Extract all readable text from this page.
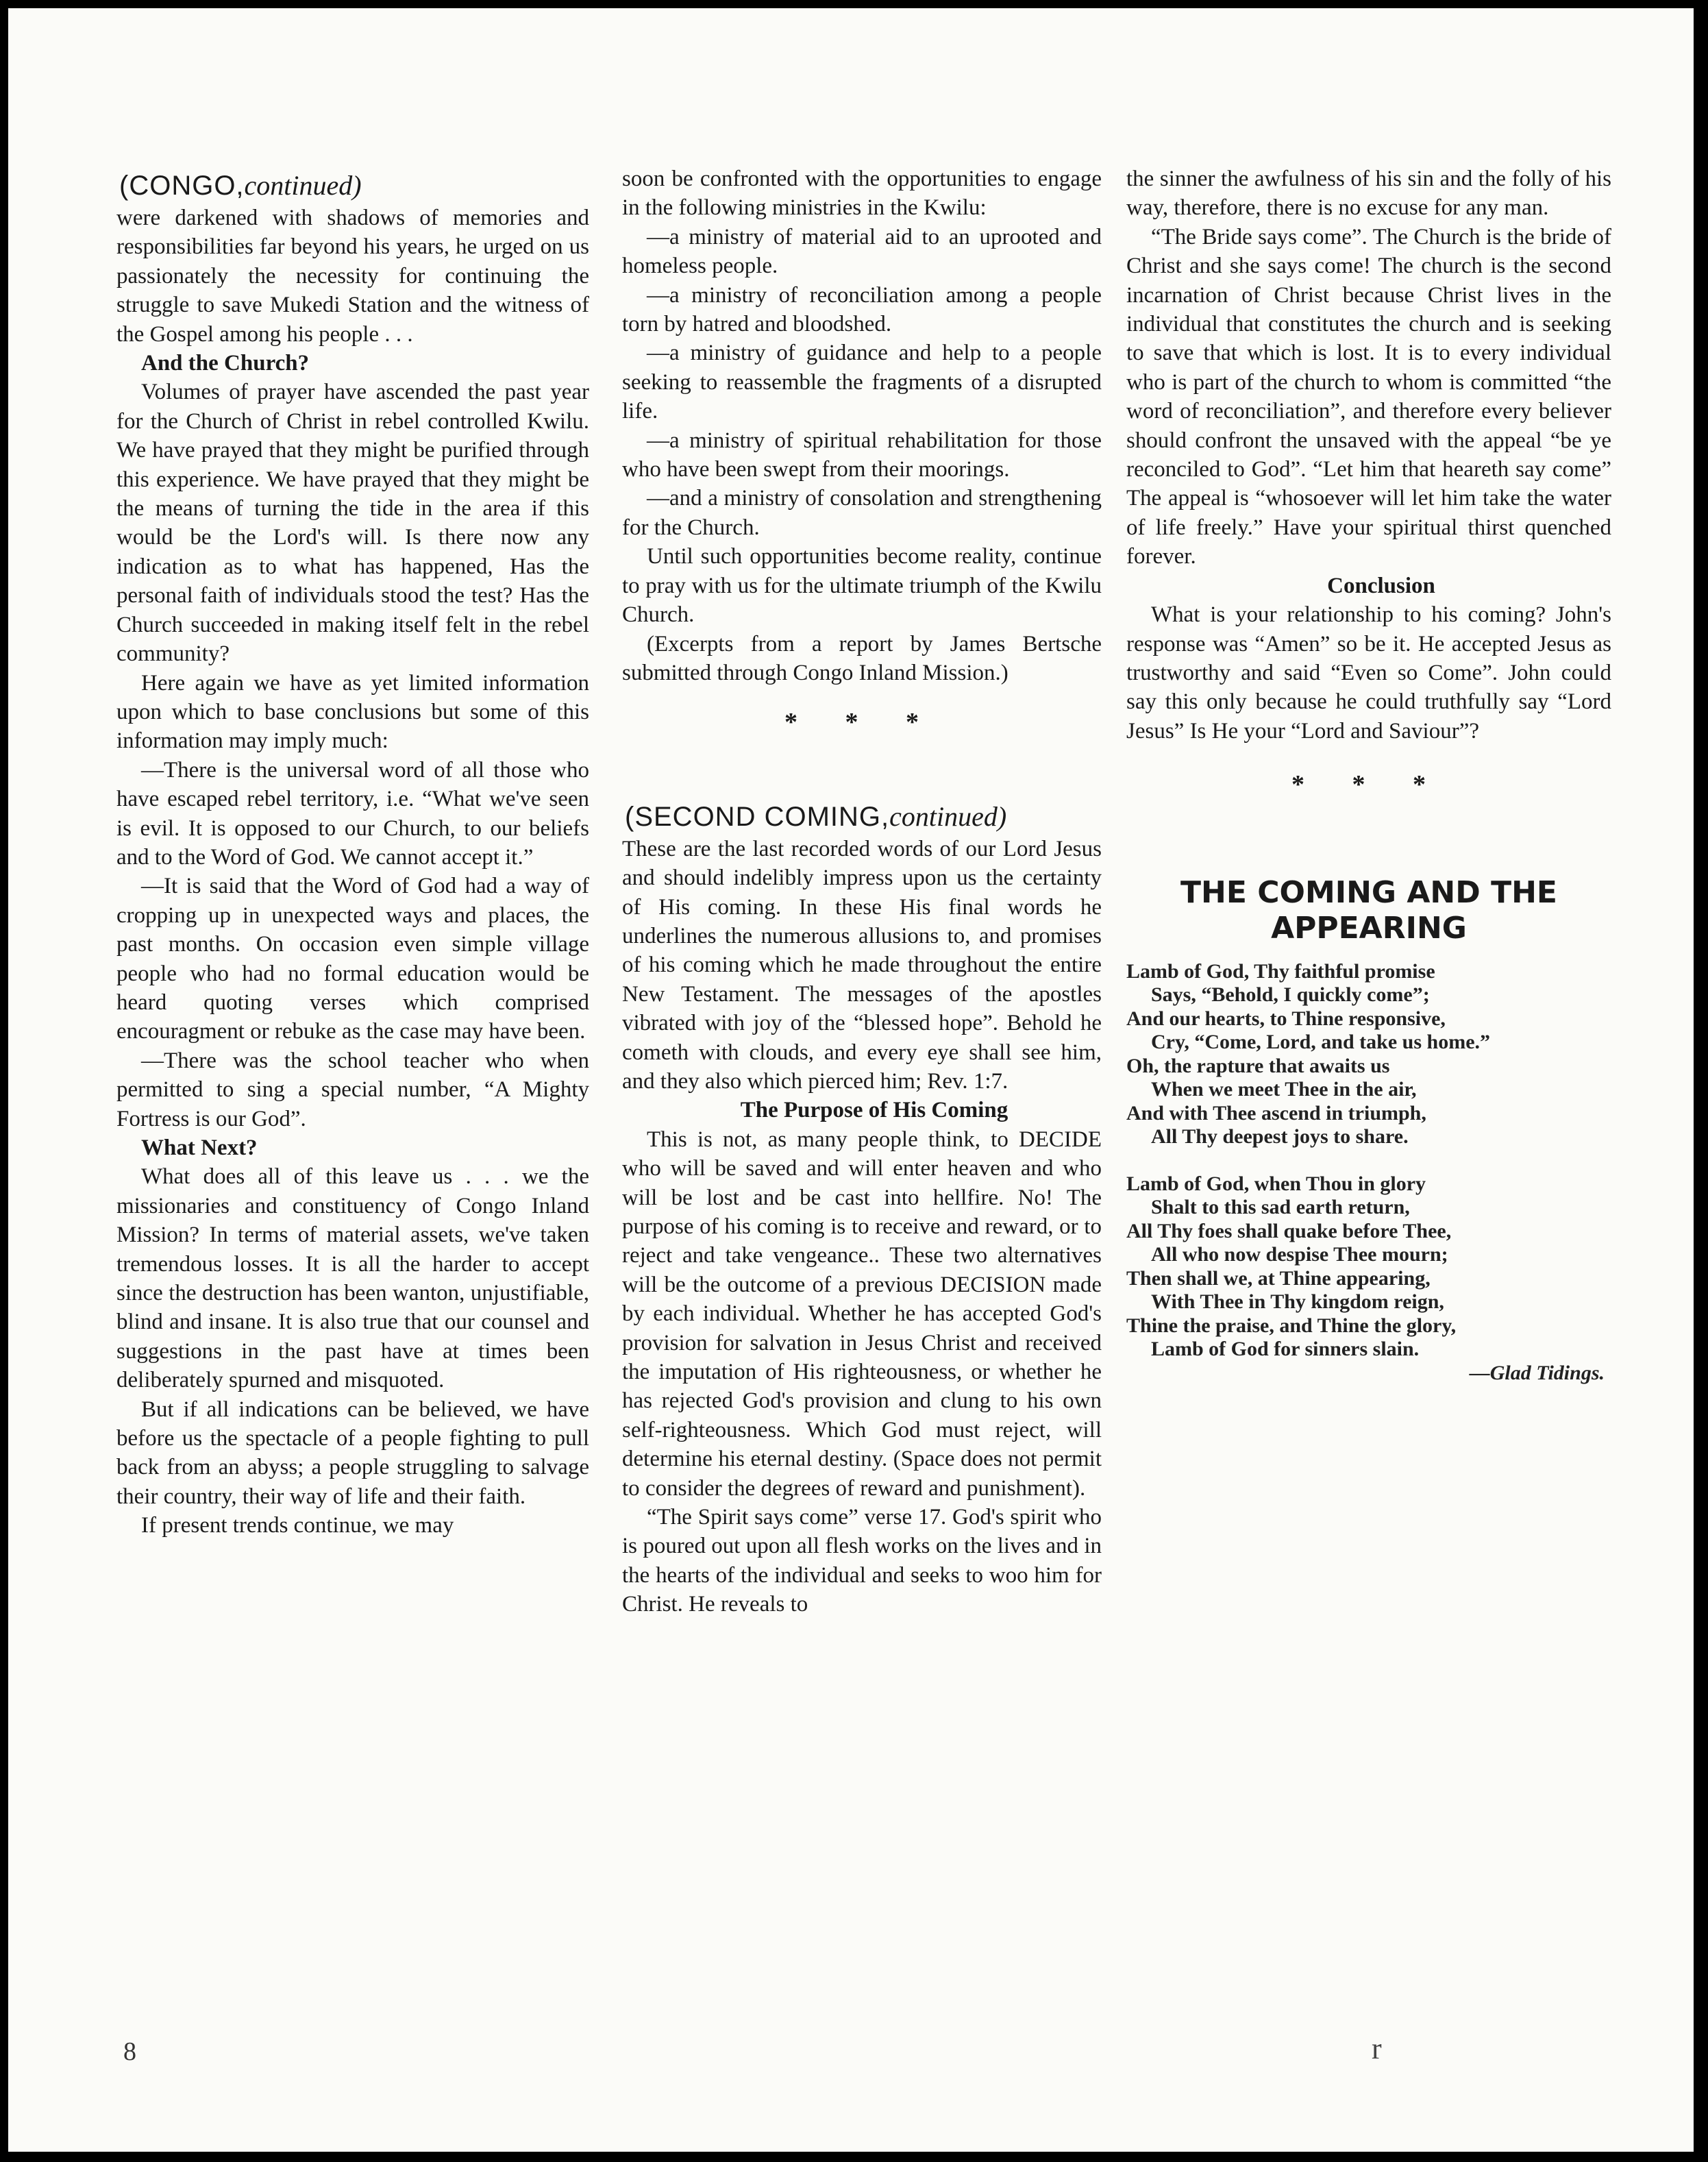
(CONGO,continued)

were darkened with shadows of memories and responsibilities far beyond his years, he urged on us passionately the necessity for continuing the struggle to save Mukedi Station and the witness of the Gospel among his people . . .

And the Church?

Volumes of prayer have ascended the past year for the Church of Christ in rebel controlled Kwilu. We have prayed that they might be purified through this experience. We have prayed that they might be the means of turning the tide in the area if this would be the Lord's will. Is there now any indication as to what has happened, Has the personal faith of individuals stood the test? Has the Church succeeded in making itself felt in the rebel community?

Here again we have as yet limited information upon which to base conclusions but some of this information may imply much:

—There is the universal word of all those who have escaped rebel territory, i.e. “What we've seen is evil. It is opposed to our Church, to our beliefs and to the Word of God. We cannot accept it.”

—It is said that the Word of God had a way of cropping up in unexpected ways and places, the past months. On occasion even simple village people who had no formal education would be heard quoting verses which comprised encouragment or rebuke as the case may have been.

—There was the school teacher who when permitted to sing a special number, “A Mighty Fortress is our God”.

What Next?

What does all of this leave us . . . we the missionaries and constituency of Congo Inland Mission? In terms of material assets, we've taken tremendous losses. It is all the harder to accept since the destruction has been wanton, unjustifiable, blind and insane. It is also true that our counsel and suggestions in the past have at times been deliberately spurned and misquoted.

But if all indications can be believed, we have before us the spectacle of a people fighting to pull back from an abyss; a people struggling to salvage their country, their way of life and their faith.

If present trends continue, we may

soon be confronted with the opportunities to engage in the following ministries in the Kwilu:

—a ministry of material aid to an uprooted and homeless people.

—a ministry of reconciliation among a people torn by hatred and bloodshed.

—a ministry of guidance and help to a people seeking to reassemble the fragments of a disrupted life.

—a ministry of spiritual rehabilitation for those who have been swept from their moorings.

—and a ministry of consolation and strengthening for the Church.

Until such opportunities become reality, continue to pray with us for the ultimate triumph of the Kwilu Church.

(Excerpts from a report by James Bertsche submitted through Congo Inland Mission.)

* * *
(SECOND COMING,continued)

These are the last recorded words of our Lord Jesus and should indelibly impress upon us the certainty of His coming. In these His final words he underlines the numerous allusions to, and promises of his coming which he made throughout the entire New Testament. The messages of the apostles vibrated with joy of the “blessed hope”. Behold he cometh with clouds, and every eye shall see him, and they also which pierced him; Rev. 1:7.

The Purpose of His Coming

This is not, as many people think, to DECIDE who will be saved and will enter heaven and who will be lost and be cast into hellfire. No! The purpose of his coming is to receive and reward, or to reject and take vengeance.. These two alternatives will be the outcome of a previous DECISION made by each individual. Whether he has accepted God's provision for salvation in Jesus Christ and received the imputation of His righteousness, or whether he has rejected God's provision and clung to his own self-righteousness. Which God must reject, will determine his eternal destiny. (Space does not permit to consider the degrees of reward and punishment).

“The Spirit says come” verse 17. God's spirit who is poured out upon all flesh works on the lives and in the hearts of the individual and seeks to woo him for Christ. He reveals to

the sinner the awfulness of his sin and the folly of his way, therefore, there is no excuse for any man.

“The Bride says come”. The Church is the bride of Christ and she says come! The church is the second incarnation of Christ because Christ lives in the individual that constitutes the church and is seeking to save that which is lost. It is to every individual who is part of the church to whom is committed “the word of reconciliation”, and therefore every believer should confront the unsaved with the appeal “be ye reconciled to God”. “Let him that heareth say come” The appeal is “whosoever will let him take the water of life freely.” Have your spiritual thirst quenched forever.

Conclusion

What is your relationship to his coming? John's response was “Amen” so be it. He accepted Jesus as trustworthy and said “Even so Come”. John could say this only because he could truthfully say “Lord Jesus” Is He your “Lord and Saviour”?

* * *
THE COMING AND THE
APPEARING
Lamb of God, Thy faithful promise
Says, “Behold, I quickly come”;
And our hearts, to Thine responsive,
Cry, “Come, Lord, and take us home.”
Oh, the rapture that awaits us
When we meet Thee in the air,
And with Thee ascend in triumph,
All Thy deepest joys to share.
Lamb of God, when Thou in glory
Shalt to this sad earth return,
All Thy foes shall quake before Thee,
All who now despise Thee mourn;
Then shall we, at Thine appearing,
With Thee in Thy kingdom reign,
Thine the praise, and Thine the glory,
Lamb of God for sinners slain.
—Glad Tidings.
8	r
